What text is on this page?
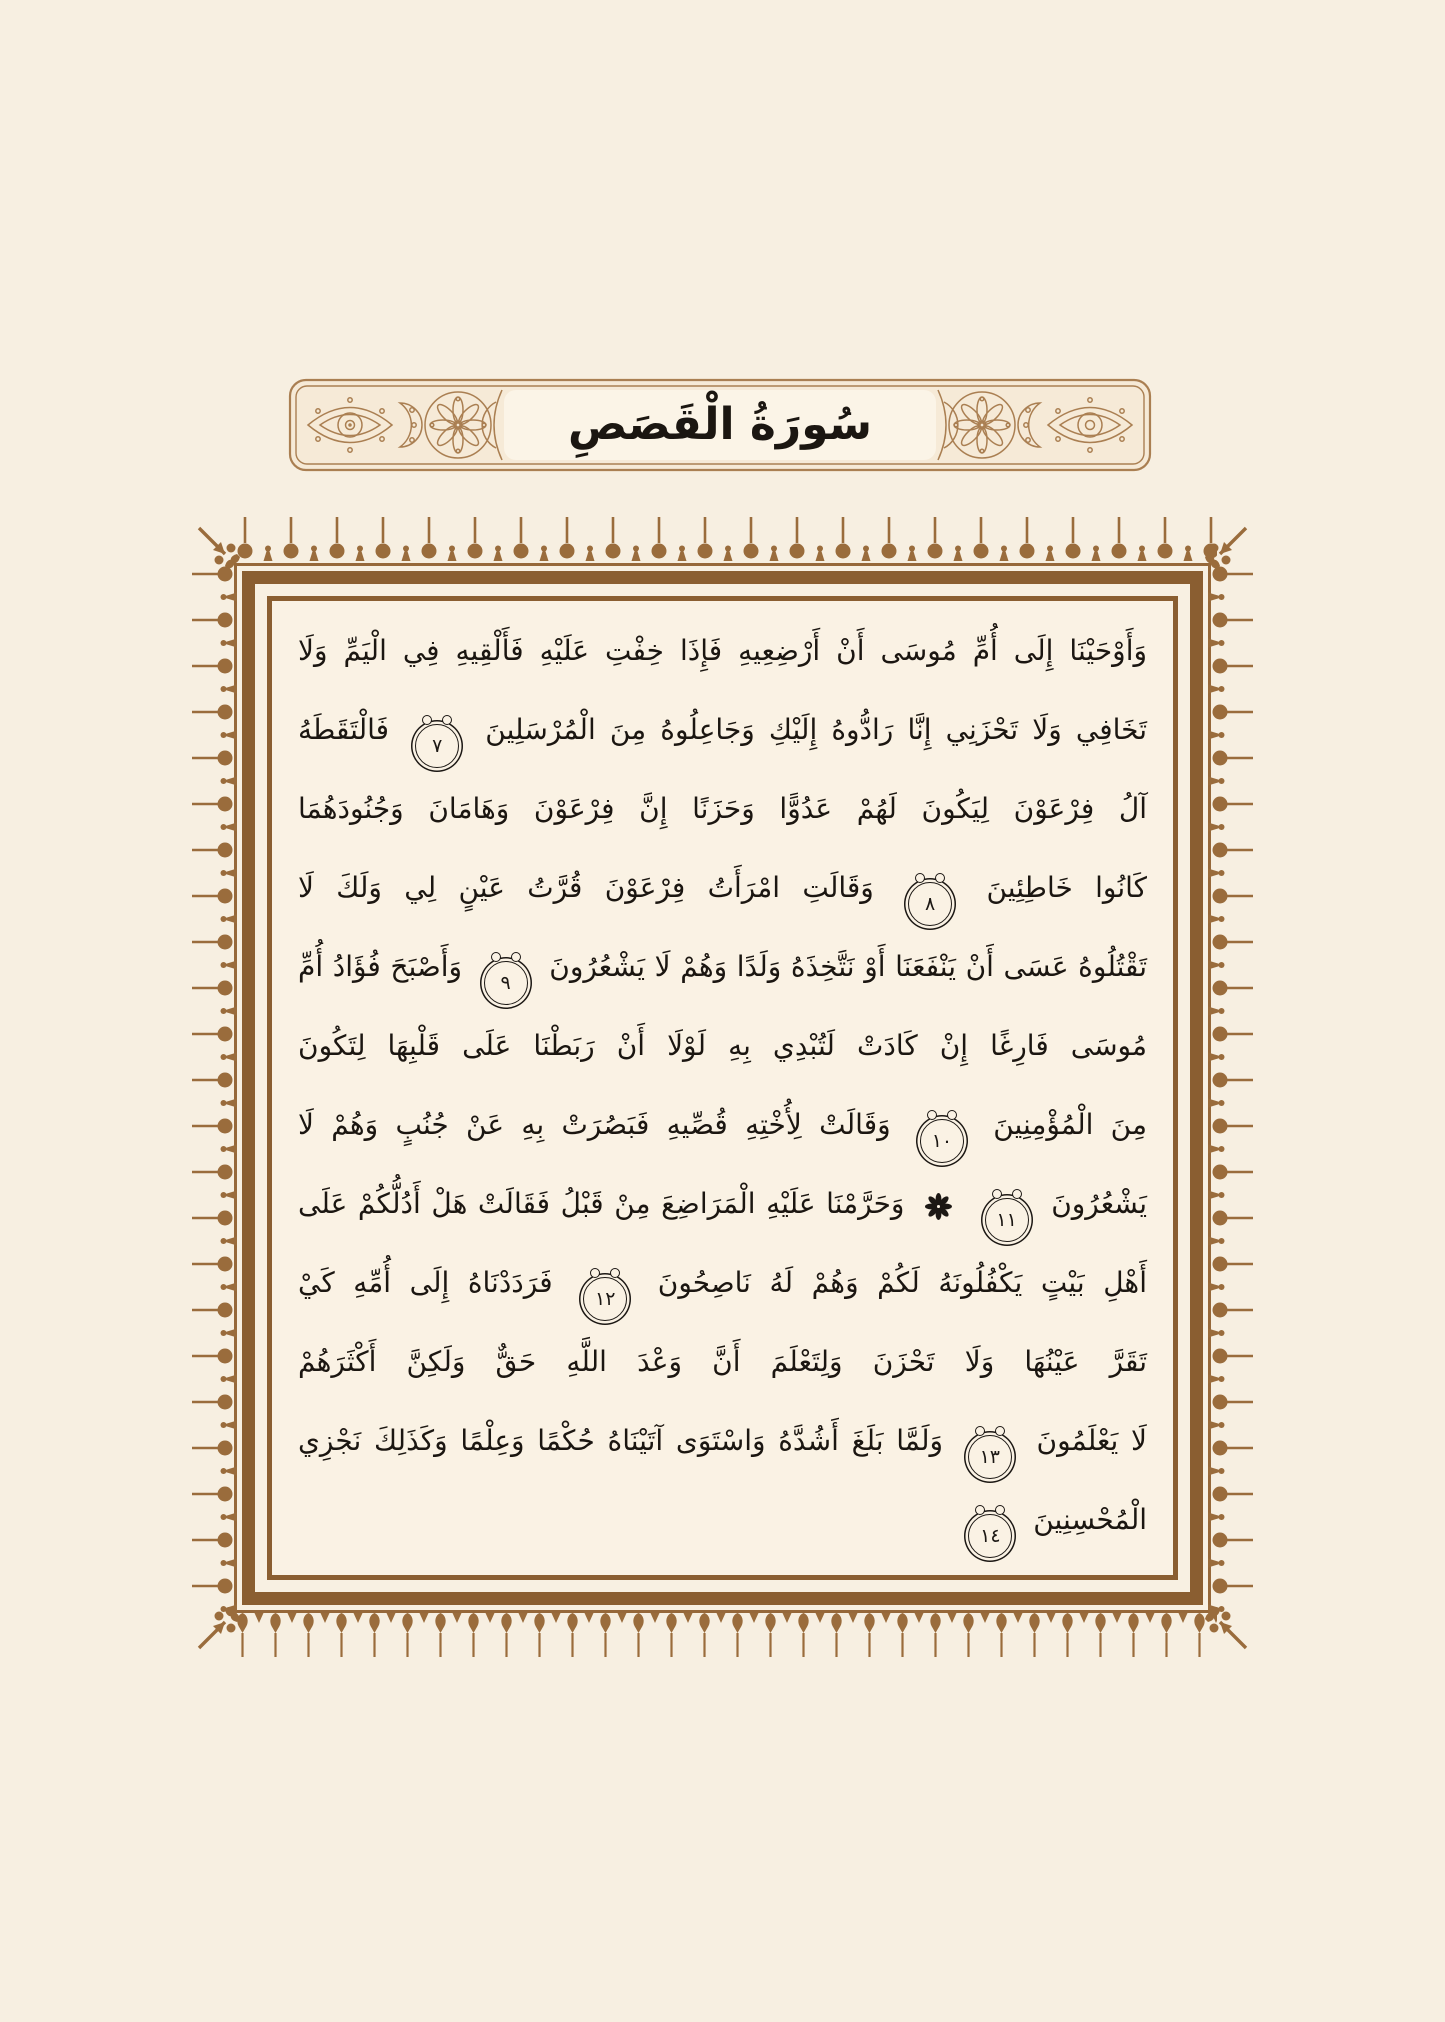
سُورَةُ الْقَصَصِ
وَأَوْحَيْنَا إِلَى أُمِّ مُوسَى أَنْ أَرْضِعِيهِ فَإِذَا خِفْتِ عَلَيْهِ فَأَلْقِيهِ فِي الْيَمِّ وَلَا
تَخَافِي وَلَا تَحْزَنِي إِنَّا رَادُّوهُ إِلَيْكِ وَجَاعِلُوهُ مِنَ الْمُرْسَلِينَ
٧
فَالْتَقَطَهُ
آلُ فِرْعَوْنَ لِيَكُونَ لَهُمْ عَدُوًّا وَحَزَنًا إِنَّ فِرْعَوْنَ وَهَامَانَ وَجُنُودَهُمَا
كَانُوا خَاطِئِينَ
٨
وَقَالَتِ امْرَأَتُ فِرْعَوْنَ قُرَّتُ عَيْنٍ لِي وَلَكَ لَا
تَقْتُلُوهُ عَسَى أَنْ يَنْفَعَنَا أَوْ نَتَّخِذَهُ وَلَدًا وَهُمْ لَا يَشْعُرُونَ
٩
وَأَصْبَحَ فُؤَادُ أُمِّ
مُوسَى فَارِغًا إِنْ كَادَتْ لَتُبْدِي بِهِ لَوْلَا أَنْ رَبَطْنَا عَلَى قَلْبِهَا لِتَكُونَ
مِنَ الْمُؤْمِنِينَ
١٠
وَقَالَتْ لِأُخْتِهِ قُصِّيهِ فَبَصُرَتْ بِهِ عَنْ جُنُبٍ وَهُمْ لَا
يَشْعُرُونَ
١١
وَحَرَّمْنَا عَلَيْهِ الْمَرَاضِعَ مِنْ قَبْلُ فَقَالَتْ هَلْ أَدُلُّكُمْ عَلَى
أَهْلِ بَيْتٍ يَكْفُلُونَهُ لَكُمْ وَهُمْ لَهُ نَاصِحُونَ
١٢
فَرَدَدْنَاهُ إِلَى أُمِّهِ كَيْ
تَقَرَّ عَيْنُهَا وَلَا تَحْزَنَ وَلِتَعْلَمَ أَنَّ وَعْدَ اللَّهِ حَقٌّ وَلَكِنَّ أَكْثَرَهُمْ
لَا يَعْلَمُونَ
١٣
وَلَمَّا بَلَغَ أَشُدَّهُ وَاسْتَوَى آتَيْنَاهُ حُكْمًا وَعِلْمًا وَكَذَلِكَ نَجْزِي
الْمُحْسِنِينَ
١٤
